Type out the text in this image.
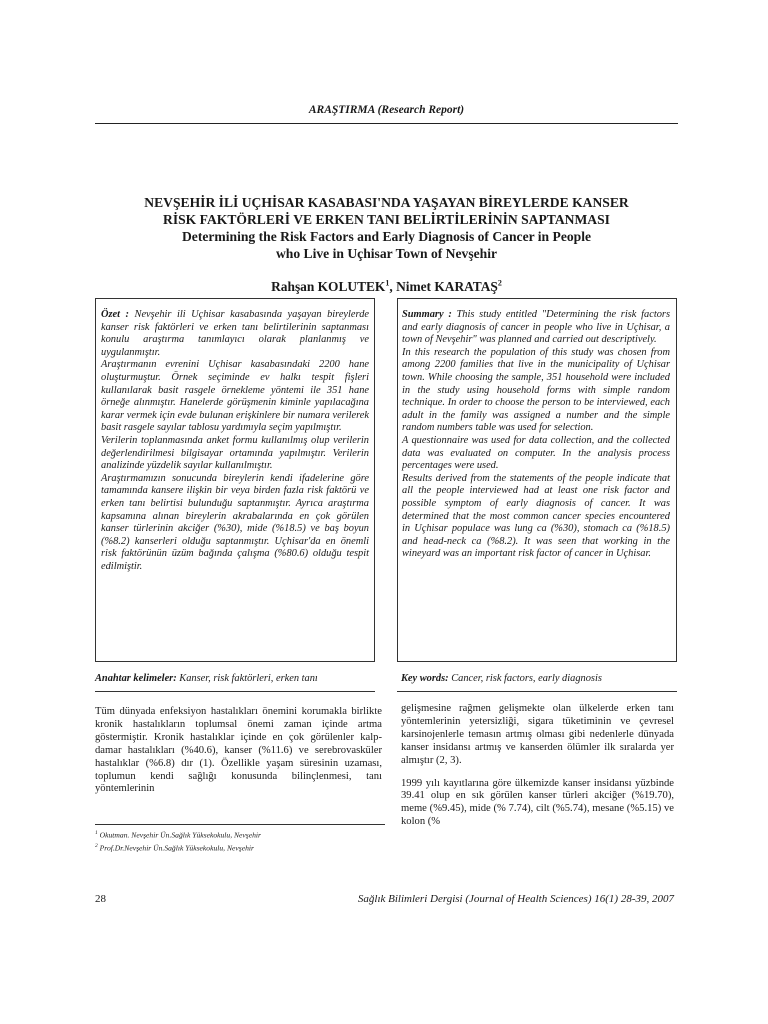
ARAŞTIRMA (Research Report)
NEVŞEHİR İLİ UÇHİSAR KASABASI'NDA YAŞAYAN BİREYLERDE KANSER
RİSK FAKTÖRLERİ VE ERKEN TANI BELİRTİLERİNİN SAPTANMASI
Determining the Risk Factors and Early Diagnosis of Cancer in People
who Live in Uçhisar Town of Nevşehir
Rahşan KOLUTEK$^1$, Nimet KARATAŞ$^2$

Özet : Nevşehir ili Uçhisar kasabasında yaşayan bireylerde kanser risk faktörleri ve erken tanı belirtilerinin saptanması konulu araştırma tanımlayıcı olarak planlanmış ve uygulanmıştır.

Araştırmanın evrenini Uçhisar kasabasındaki 2200 hane oluşturmuştur. Örnek seçiminde ev halkı tespit fişleri kullanılarak basit rasgele örnekleme yöntemi ile 351 hane örneğe alınmıştır. Hanelerde görüşmenin kiminle yapılacağına karar vermek için evde bulunan erişkinlere bir numara verilerek basit rasgele sayılar tablosu yardımıyla seçim yapılmıştır.

Verilerin toplanmasında anket formu kullanılmış olup verilerin değerlendirilmesi bilgisayar ortamında yapılmıştır. Verilerin analizinde yüzdelik sayılar kullanılmıştır.

Araştırmamızın sonucunda bireylerin kendi ifadelerine göre tamamında kansere ilişkin bir veya birden fazla risk faktörü ve erken tanı belirtisi bulunduğu saptanmıştır. Ayrıca araştırma kapsamına alınan bireylerin akrabalarında en çok görülen kanser türlerinin akciğer (%30), mide (%18.5) ve baş boyun (%8.2) kanserleri olduğu saptanmıştır. Uçhisar'da en önemli risk faktörünün üzüm bağında çalışma (%80.6) olduğu tespit edilmiştir.

Anahtar kelimeler: Kanser, risk faktörleri, erken tanı

Summary : This study entitled "Determining the risk factors and early diagnosis of cancer in people who live in Uçhisar, a town of Nevşehir" was planned and carried out descriptively.

In this research the population of this study was chosen from among 2200 families that live in the municipality of Uçhisar town. While choosing the sample, 351 household were included in the study using household forms with simple random technique. In order to choose the person to be interviewed, each adult in the family was assigned a number and the simple random numbers table was used for selection.

A questionnaire was used for data collection, and the collected data was evaluated on computer. In the analysis process percentages were used.

Results derived from the statements of the people indicate that all the people interviewed had at least one risk factor and possible symptom of early diagnosis of cancer. It was determined that the most common cancer species encountered in Uçhisar populace was lung ca (%30), stomach ca (%18.5) and head-neck ca (%8.2). It was seen that working in the wineyard was an important risk factor of cancer in Uçhisar.

Key words: Cancer, risk factors, early diagnosis

Tüm dünyada enfeksiyon hastalıkları önemini korumakla birlikte kronik hastalıkların toplumsal önemi zaman içinde artma göstermiştir. Kronik hastalıklar içinde en çok görülenler kalp-damar hastalıkları (%40.6), kanser (%11.6) ve serebrovasküler hastalıklar (%6.8) dır (1). Özellikle yaşam süresinin uzaması, toplumun kendi sağlığı konusunda bilinçlenmesi, tanı yöntemlerinin

gelişmesine rağmen gelişmekte olan ülkelerde erken tanı yöntemlerinin yetersizliği, sigara tüketiminin ve çevresel karsinojenlerle temasın artmış olması gibi nedenlerle dünyada kanser insidansı artmış ve kanserden ölümler ilk sıralarda yer almıştır (2, 3).

1999 yılı kayıtlarına göre ülkemizde kanser insidansı yüzbinde 39.41 olup en sık görülen kanser türleri akciğer (%19.70), meme (%9.45), mide (% 7.74), cilt (%5.74), mesane (%5.15) ve kolon (%

$^1$ Okutman. Nevşehir Ün.Sağlık Yüksekokulu, Nevşehir
$^2$ Prof.Dr.Nevşehir Ün.Sağlık Yüksekokulu, Nevşehir
28	Sağlık Bilimleri Dergisi (Journal of Health Sciences) 16(1) 28-39, 2007
